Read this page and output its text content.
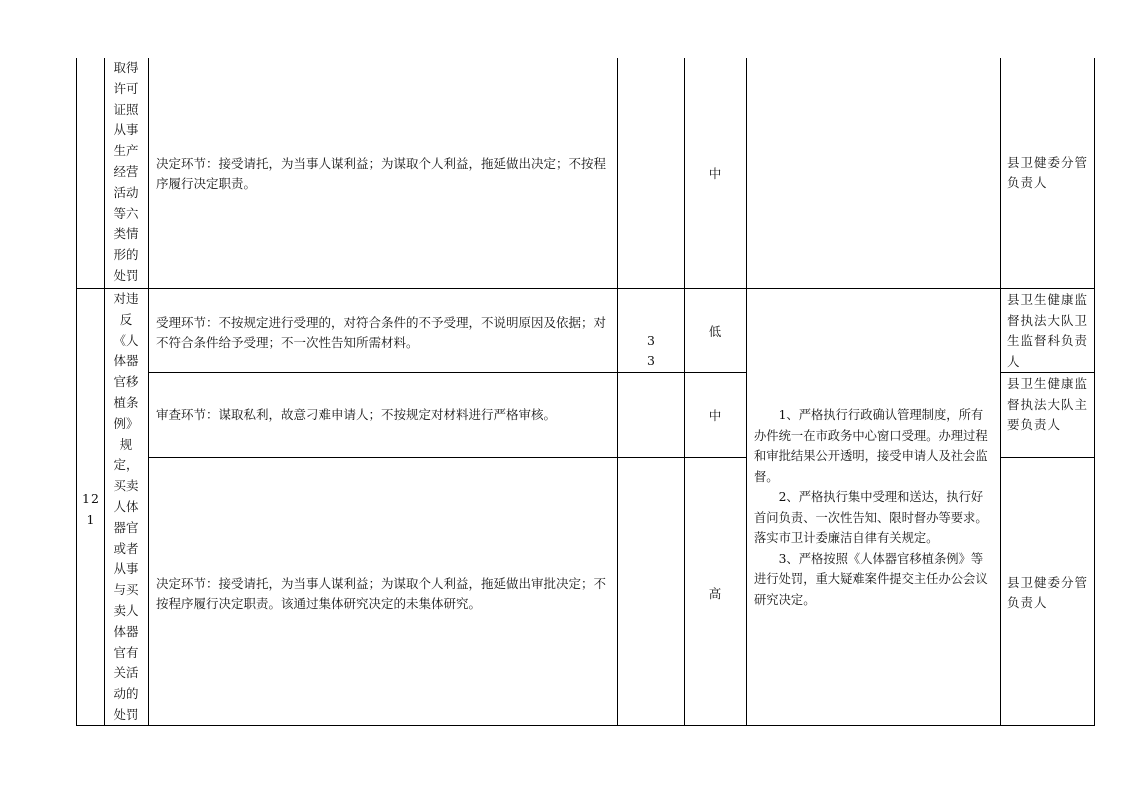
取得许可证照从事生产经营活动等六类情形的处罚
决定环节：接受请托，为当事人谋利益；为谋取个人利益，拖延做出决定；不按程序履行决定职责。
中
县卫健委分管负责人
121
对违反《人体器官移植条例》规定，买卖人体器官或者从事与买卖人体器官有关活动的处罚
受理环节：不按规定进行受理的，对符合条件的不予受理，不说明原因及依据；对不符合条件给予受理；不一次性告知所需材料。	3
3
低
县卫生健康监督执法大队卫生监督科负责人
审查环节：谋取私利，故意刁难申请人；不按规定对材料进行严格审核。	中
县卫生健康监督执法大队主要负责人
决定环节：接受请托，为当事人谋利益；为谋取个人利益，拖延做出审批决定；不按程序履行决定职责。该通过集体研究决定的未集体研究。
高
县卫健委分管负责人
1、严格执行行政确认管理制度，所有办件统一在市政务中心窗口受理。办理过程和审批结果公开透明，接受申请人及社会监督。
2、严格执行集中受理和送达，执行好首问负责、一次性告知、限时督办等要求。落实市卫计委廉洁自律有关规定。
3、严格按照《人体器官移植条例》等进行处罚，重大疑难案件提交主任办公会议研究决定。
